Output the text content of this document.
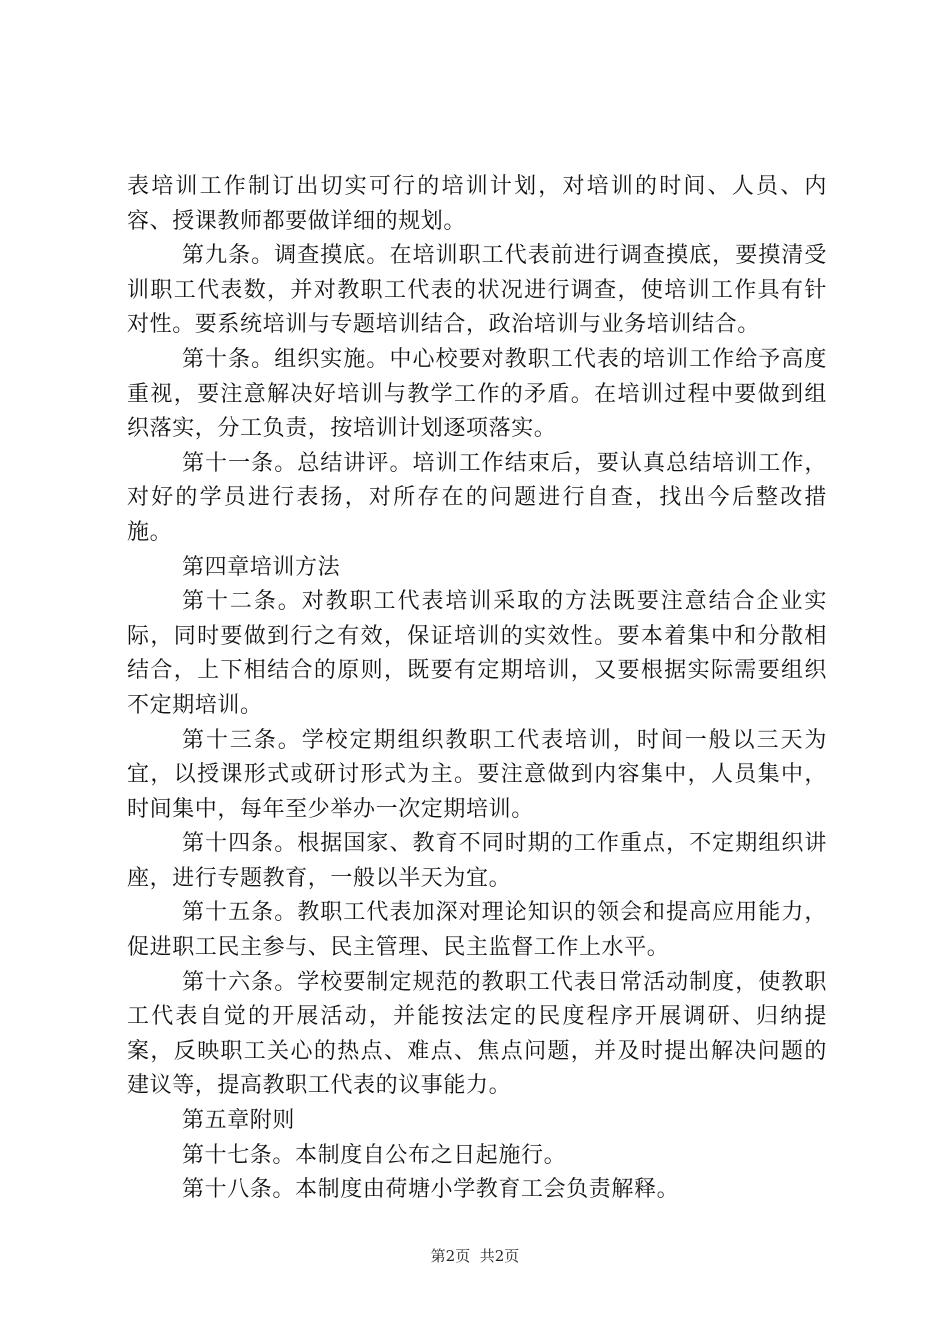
表培训工作制订出切实可行的培训计划，对培训的时间、人员、内容、授课教师都要做详细的规划。

第九条。调查摸底。在培训职工代表前进行调查摸底，要摸清受训职工代表数，并对教职工代表的状况进行调查，使培训工作具有针对性。要系统培训与专题培训结合，政治培训与业务培训结合。

第十条。组织实施。中心校要对教职工代表的培训工作给予高度重视，要注意解决好培训与教学工作的矛盾。在培训过程中要做到组织落实，分工负责，按培训计划逐项落实。

第十一条。总结讲评。培训工作结束后，要认真总结培训工作，对好的学员进行表扬，对所存在的问题进行自查，找出今后整改措施。

第四章培训方法

第十二条。对教职工代表培训采取的方法既要注意结合企业实际，同时要做到行之有效，保证培训的实效性。要本着集中和分散相结合，上下相结合的原则，既要有定期培训，又要根据实际需要组织不定期培训。

第十三条。学校定期组织教职工代表培训，时间一般以三天为宜，以授课形式或研讨形式为主。要注意做到内容集中，人员集中，时间集中，每年至少举办一次定期培训。

第十四条。根据国家、教育不同时期的工作重点，不定期组织讲座，进行专题教育，一般以半天为宜。

第十五条。教职工代表加深对理论知识的领会和提高应用能力，促进职工民主参与、民主管理、民主监督工作上水平。

第十六条。学校要制定规范的教职工代表日常活动制度，使教职工代表自觉的开展活动，并能按法定的民度程序开展调研、归纳提案，反映职工关心的热点、难点、焦点问题，并及时提出解决问题的建议等，提高教职工代表的议事能力。

第五章附则

第十七条。本制度自公布之日起施行。

第十八条。本制度由荷塘小学教育工会负责解释。

第2页 共2页
